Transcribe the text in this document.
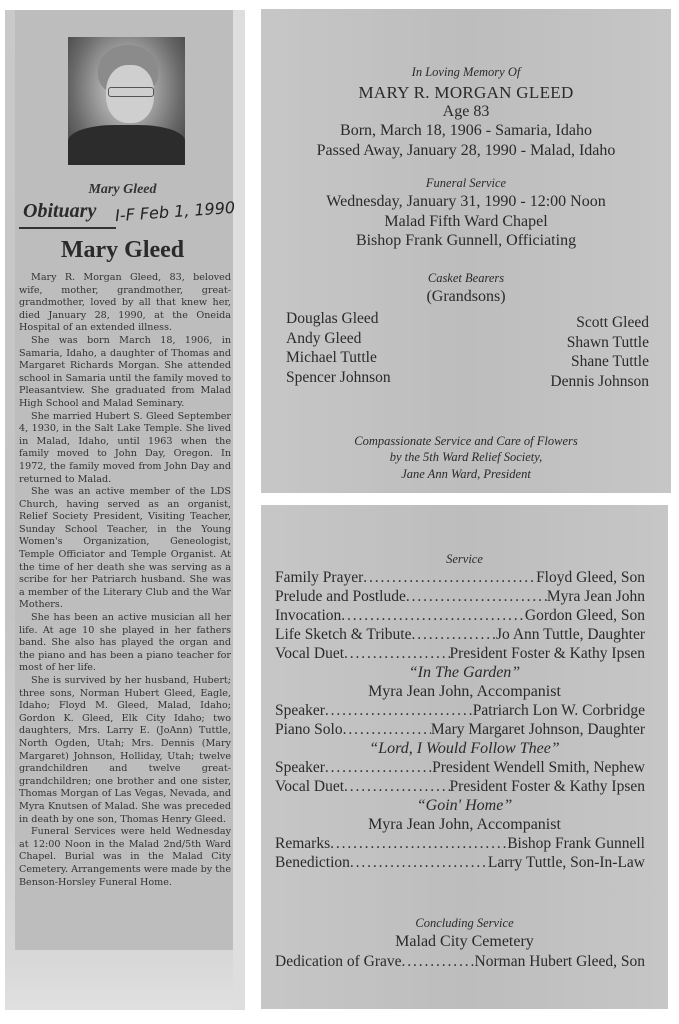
Mary Gleed
Obituary	I-F Feb 1, 1990
Mary Gleed

Mary R. Morgan Gleed, 83, beloved wife, mother, grandmother, great-grandmother, loved by all that knew her, died January 28, 1990, at the Oneida Hospital of an extended illness.

She was born March 18, 1906, in Samaria, Idaho, a daughter of Thomas and Margaret Richards Morgan. She attended school in Samaria until the family moved to Pleasantview. She graduated from Malad High School and Malad Seminary.

She married Hubert S. Gleed September 4, 1930, in the Salt Lake Temple. She lived in Malad, Idaho, until 1963 when the family moved to John Day, Oregon. In 1972, the family moved from John Day and returned to Malad.

She was an active member of the LDS Church, having served as an organist, Relief Society President, Visiting Teacher, Sunday School Teacher, in the Young Women's Organization, Geneologist, Temple Officiator and Temple Organist. At the time of her death she was serving as a scribe for her Patriarch husband. She was a member of the Literary Club and the War Mothers.

She has been an active musician all her life. At age 10 she played in her fathers band. She also has played the organ and the piano and has been a piano teacher for most of her life.

She is survived by her husband, Hubert; three sons, Norman Hubert Gleed, Eagle, Idaho; Floyd M. Gleed, Malad, Idaho; Gordon K. Gleed, Elk City Idaho; two daughters, Mrs. Larry E. (JoAnn) Tuttle, North Ogden, Utah; Mrs. Dennis (Mary Margaret) Johnson, Holliday, Utah; twelve grandchildren and twelve great-grandchildren; one brother and one sister, Thomas Morgan of Las Vegas, Nevada, and Myra Knutsen of Malad. She was preceded in death by one son, Thomas Henry Gleed.

Funeral Services were held Wednesday at 12:00 Noon in the Malad 2nd/5th Ward Chapel. Burial was in the Malad City Cemetery. Arrangements were made by the Benson-Horsley Funeral Home.

In Loving Memory Of
MARY R. MORGAN GLEED
Age 83
Born, March 18, 1906 - Samaria, Idaho
Passed Away, January 28, 1990 - Malad, Idaho
Funeral Service
Wednesday, January 31, 1990 - 12:00 Noon
Malad Fifth Ward Chapel
Bishop Frank Gunnell, Officiating
Casket Bearers
(Grandsons)
Douglas Gleed
Andy Gleed
Michael Tuttle
Spencer Johnson
Scott Gleed
Shawn Tuttle
Shane Tuttle
Dennis Johnson
Compassionate Service and Care of Flowers
by the 5th Ward Relief Society,
Jane Ann Ward, President
Service
Family Prayer . . .	Floyd Gleed, Son
Prelude and Postlude . . .	Myra Jean John
Invocation . . .	Gordon Gleed, Son
Life Sketch & Tribute . . .	Jo Ann Tuttle, Daughter
Vocal Duet . . .	President Foster & Kathy Ipsen
“In The Garden”
Myra Jean John, Accompanist
Speaker . . .	Patriarch Lon W. Corbridge
Piano Solo . . .	Mary Margaret Johnson, Daughter
“Lord, I Would Follow Thee”
Speaker . . .	President Wendell Smith, Nephew
Vocal Duet . . .	President Foster & Kathy Ipsen
“Goin' Home”
Myra Jean John, Accompanist
Remarks . . .	Bishop Frank Gunnell
Benediction . . .	Larry Tuttle, Son-In-Law
Concluding Service
Malad City Cemetery
Dedication of Grave . . .	Norman Hubert Gleed, Son
